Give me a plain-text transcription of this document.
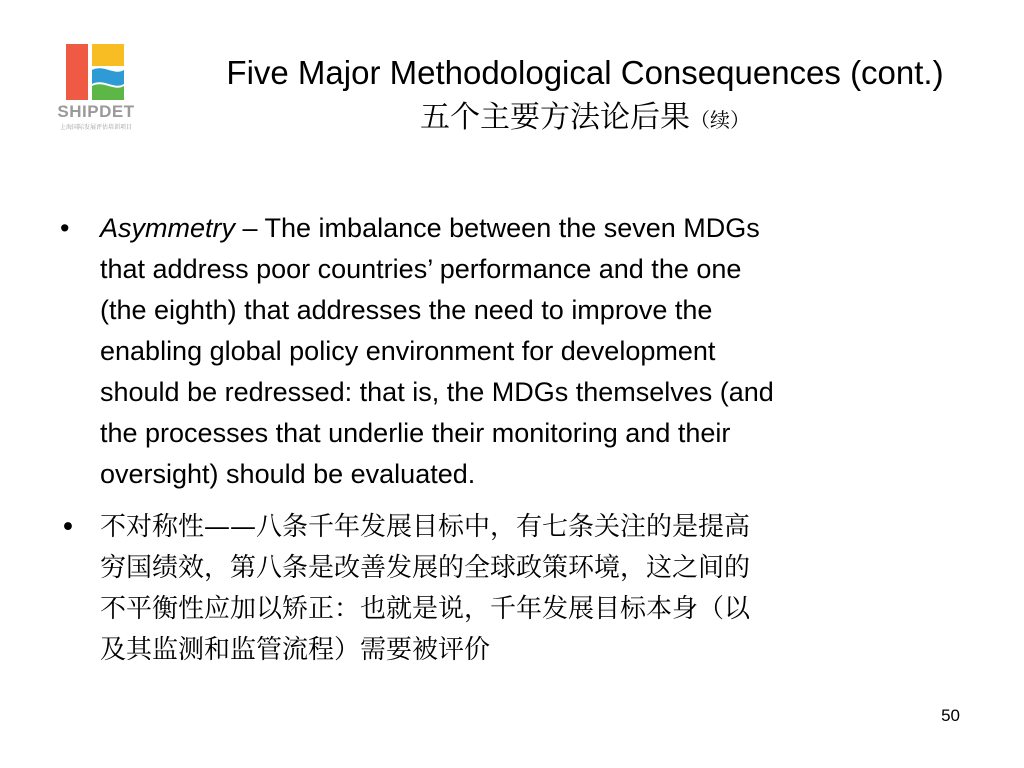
SHIPDET
上海国际发展评估培训项目
Five Major Methodological Consequences (cont.)
五个主要方法论后果（续）
• Asymmetry – The imbalance between the seven MDGs
that address poor countries’ performance and the one
(the eighth) that addresses the need to improve the
enabling global policy environment for development
should be redressed: that is, the MDGs themselves (and
the processes that underlie their monitoring and their
oversight) should be evaluated.
• 不对称性——八条千年发展目标中，有七条关注的是提高
穷国绩效，第八条是改善发展的全球政策环境，这之间的
不平衡性应加以矫正：也就是说，千年发展目标本身（以
及其监测和监管流程）需要被评价
50
